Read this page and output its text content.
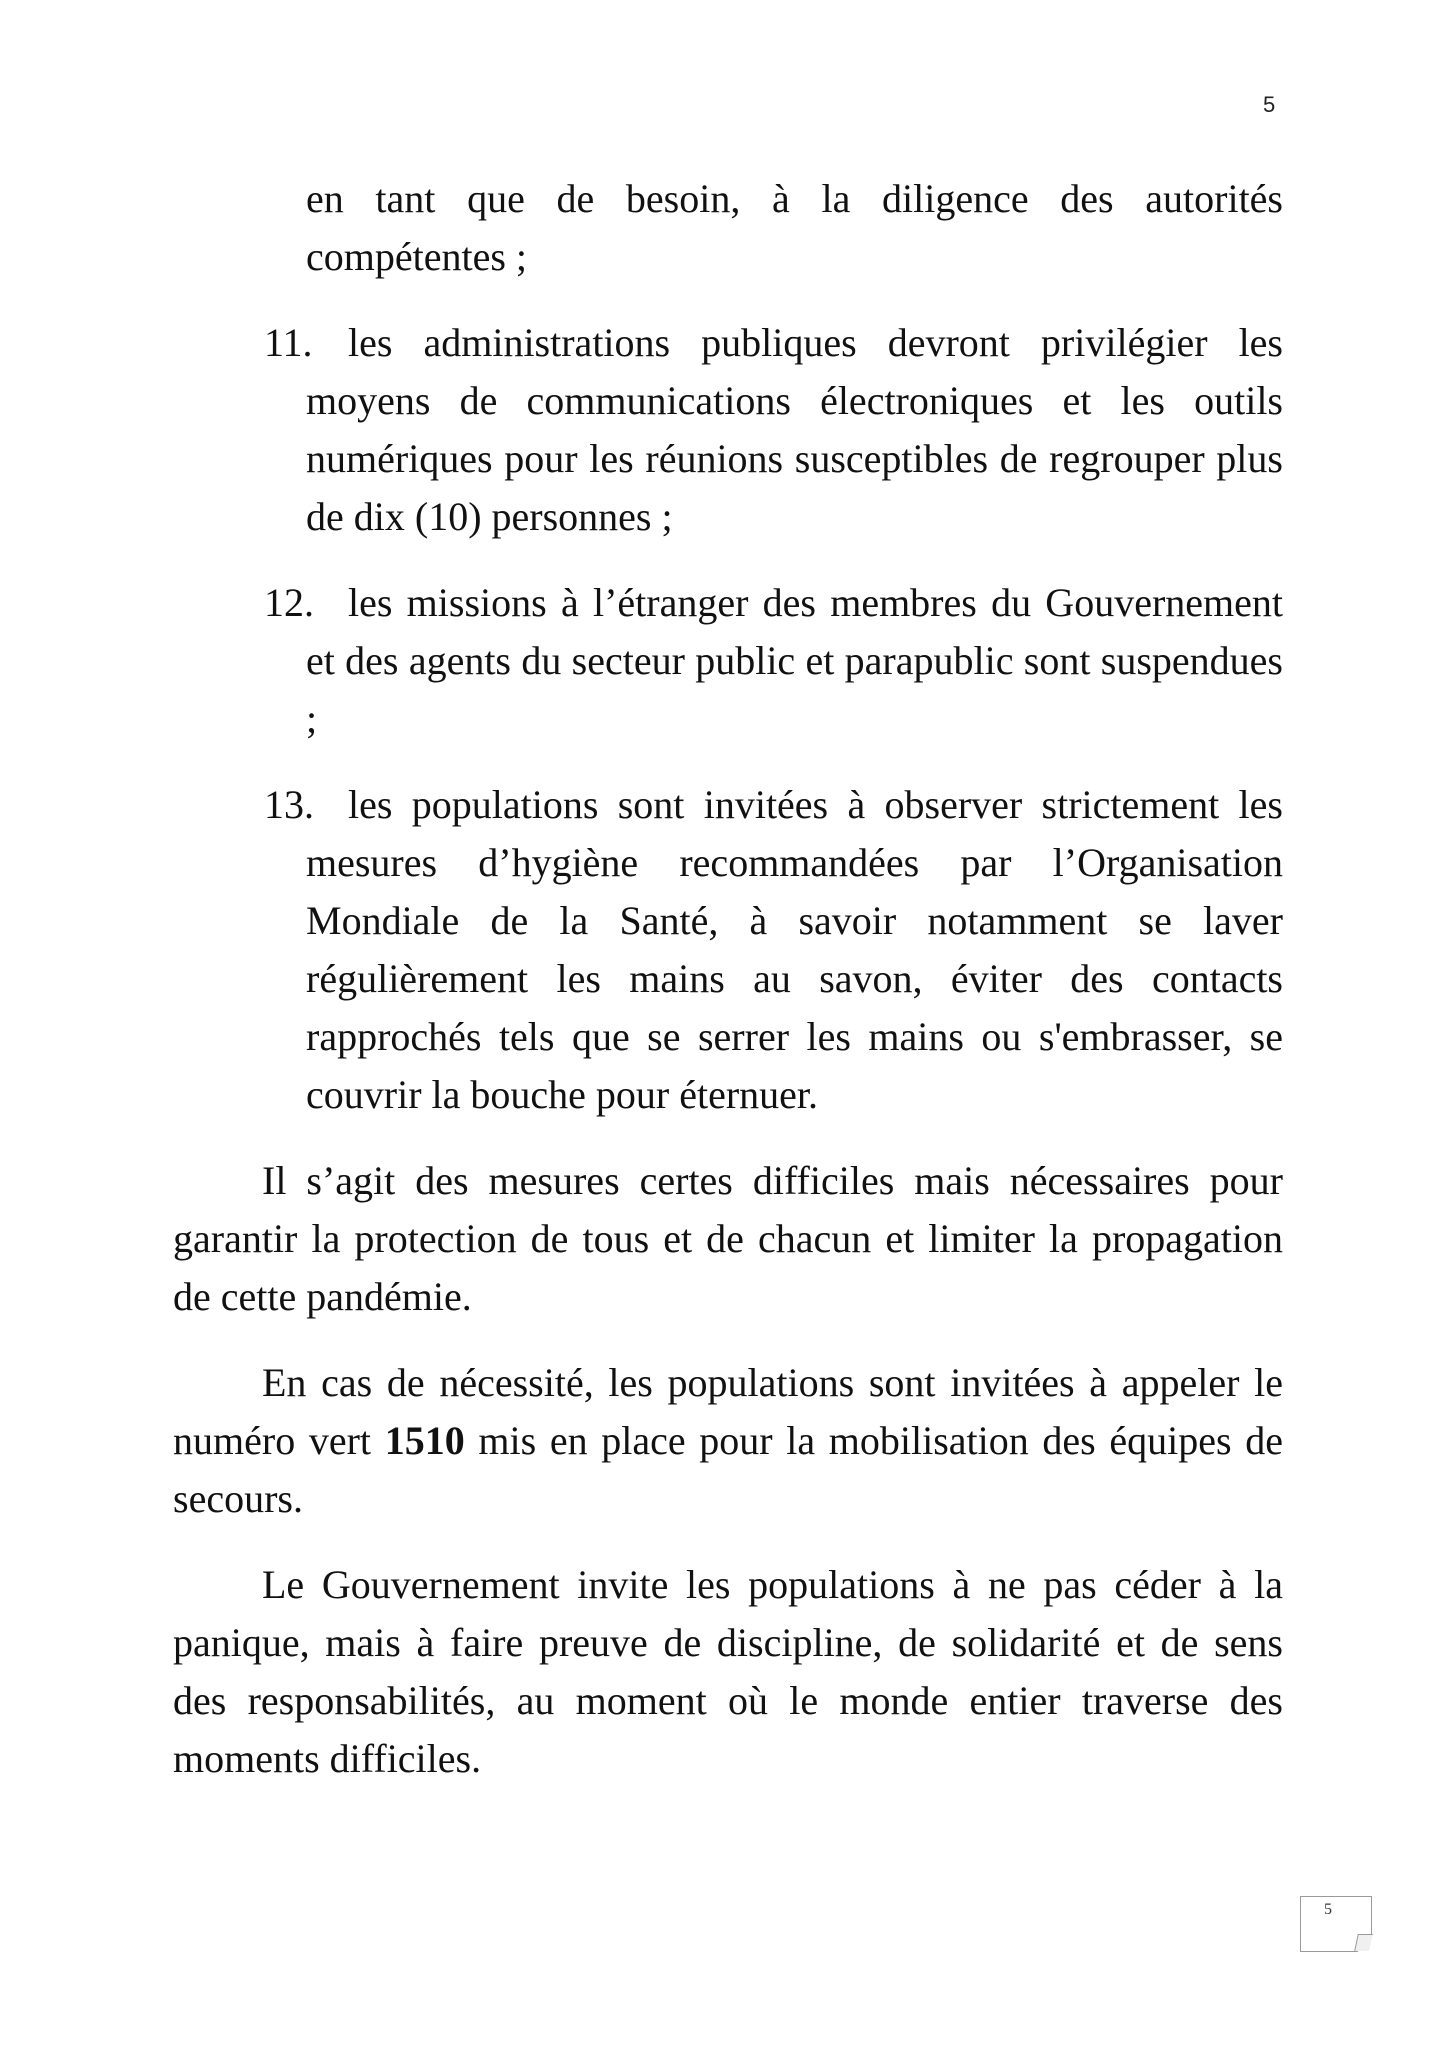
5

en tant que de besoin, à la diligence des autorités compétentes ;

11. les administrations publiques devront privilégier les moyens de communications électroniques et les outils numériques pour les réunions susceptibles de regrouper plus de dix (10) personnes ;

12. les missions à l’étranger des membres du Gouvernement et des agents du secteur public et parapublic sont suspendues ;

13. les populations sont invitées à observer strictement les mesures d’hygiène recommandées par l’Organisation Mondiale de la Santé, à savoir notamment se laver régulièrement les mains au savon, éviter des contacts rapprochés tels que se serrer les mains ou s'embrasser, se couvrir la bouche pour éternuer.

Il s’agit des mesures certes difficiles mais nécessaires pour garantir la protection de tous et de chacun et limiter la propagation de cette pandémie.

En cas de nécessité, les populations sont invitées à appeler le numéro vert 1510 mis en place pour la mobilisation des équipes de secours.

Le Gouvernement invite les populations à ne pas céder à la panique, mais à faire preuve de discipline, de solidarité et de sens des responsabilités, au moment où le monde entier traverse des moments difficiles.

5
